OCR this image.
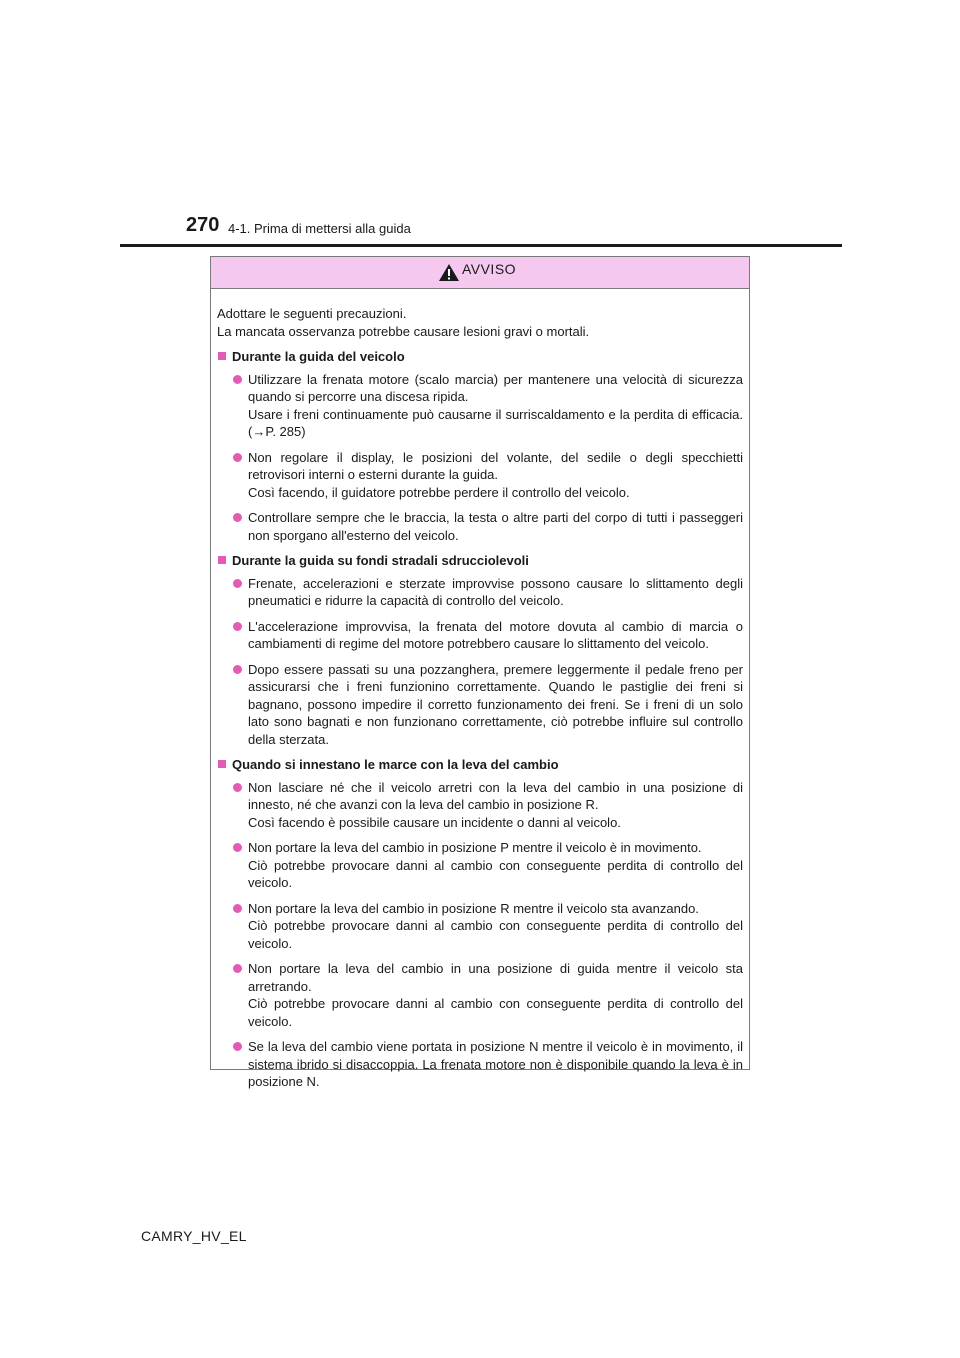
270 4-1. Prima di mettersi alla guida
AVVISO
Adottare le seguenti precauzioni.
La mancata osservanza potrebbe causare lesioni gravi o mortali.
Durante la guida del veicolo
Utilizzare la frenata motore (scalo marcia) per mantenere una velocità di sicurezza quando si percorre una discesa ripida.
Usare i freni continuamente può causarne il surriscaldamento e la perdita di efficacia. (→P. 285)
Non regolare il display, le posizioni del volante, del sedile o degli specchietti retrovisori interni o esterni durante la guida.
Così facendo, il guidatore potrebbe perdere il controllo del veicolo.
Controllare sempre che le braccia, la testa o altre parti del corpo di tutti i passeggeri non sporgano all'esterno del veicolo.
Durante la guida su fondi stradali sdrucciolevoli
Frenate, accelerazioni e sterzate improvvise possono causare lo slittamento degli pneumatici e ridurre la capacità di controllo del veicolo.
L'accelerazione improvvisa, la frenata del motore dovuta al cambio di marcia o cambiamenti di regime del motore potrebbero causare lo slittamento del veicolo.
Dopo essere passati su una pozzanghera, premere leggermente il pedale freno per assicurarsi che i freni funzionino correttamente. Quando le pastiglie dei freni si bagnano, possono impedire il corretto funzionamento dei freni. Se i freni di un solo lato sono bagnati e non funzionano correttamente, ciò potrebbe influire sul controllo della sterzata.
Quando si innestano le marce con la leva del cambio
Non lasciare né che il veicolo arretri con la leva del cambio in una posizione di innesto, né che avanzi con la leva del cambio in posizione R.
Così facendo è possibile causare un incidente o danni al veicolo.
Non portare la leva del cambio in posizione P mentre il veicolo è in movimento.
Ciò potrebbe provocare danni al cambio con conseguente perdita di controllo del veicolo.
Non portare la leva del cambio in posizione R mentre il veicolo sta avanzando.
Ciò potrebbe provocare danni al cambio con conseguente perdita di controllo del veicolo.
Non portare la leva del cambio in una posizione di guida mentre il veicolo sta arretrando.
Ciò potrebbe provocare danni al cambio con conseguente perdita di controllo del veicolo.
Se la leva del cambio viene portata in posizione N mentre il veicolo è in movimento, il sistema ibrido si disaccoppia. La frenata motore non è disponibile quando la leva è in posizione N.
CAMRY_HV_EL
